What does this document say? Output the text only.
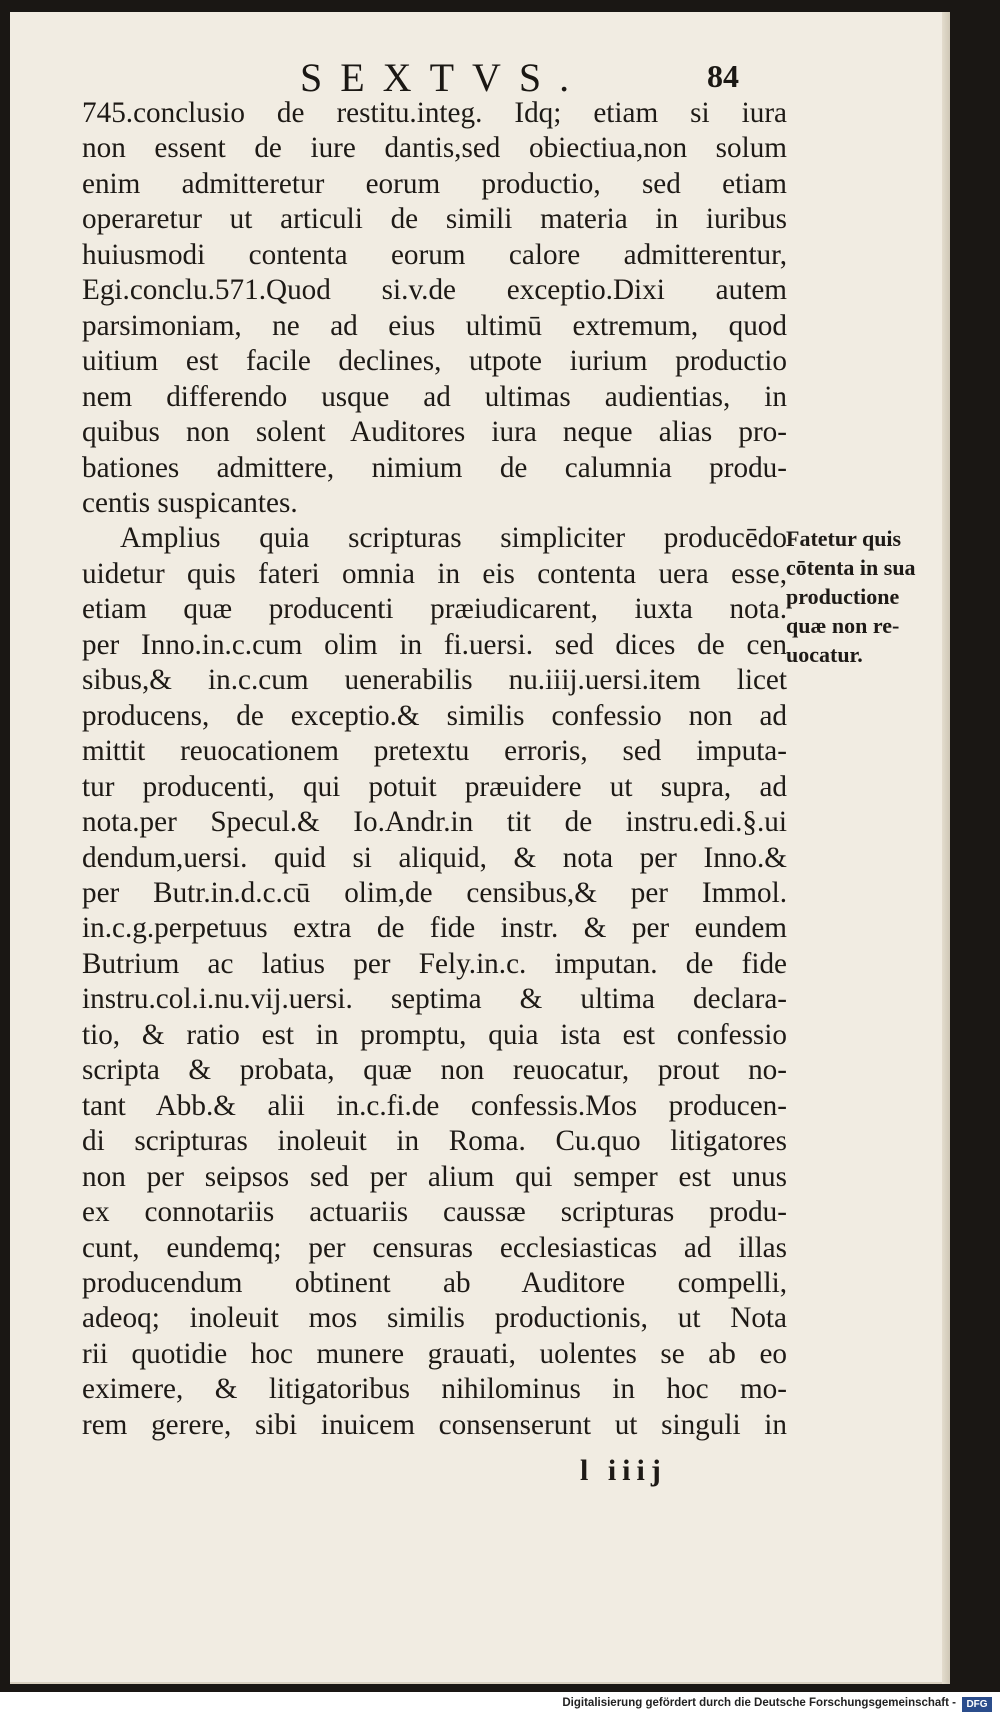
SEXTVS.	84

745.conclusio de restitu.integ. Idq; etiam si iura
non essent de iure dantis,sed obiectiua,non solum
enim admitteretur eorum productio, sed etiam
operaretur ut articuli de simili materia in iuribus
huiusmodi contenta eorum calore admitterentur,
Egi.conclu.571.Quod si.v.de exceptio.Dixi autem
parsimoniam, ne ad eius ultimū extremum, quod
uitium est facile declines, utpote iurium productio
nem differendo usque ad ultimas audientias, in
quibus non solent Auditores iura neque alias pro-
bationes admittere, nimium de calumnia produ-
centis suspicantes.

Amplius quia scripturas simpliciter producēdo
uidetur quis fateri omnia in eis contenta uera esse,
etiam quæ producenti præiudicarent, iuxta nota.
per Inno.in.c.cum olim in fi.uersi. sed dices de cen
sibus,& in.c.cum uenerabilis nu.iiij.uersi.item licet
producens, de exceptio.& similis confessio non ad
mittit reuocationem pretextu erroris, sed imputa-
tur producenti, qui potuit præuidere ut supra, ad
nota.per Specul.& Io.Andr.in tit de instru.edi.§.ui
dendum,uersi. quid si aliquid, & nota per Inno.&
per Butr.in.d.c.cū olim,de censibus,& per Immol.
in.c.g.perpetuus extra de fide instr. & per eundem
Butrium ac latius per Fely.in.c. imputan. de fide
instru.col.i.nu.vij.uersi. septima & ultima declara-
tio, & ratio est in promptu, quia ista est confessio
scripta & probata, quæ non reuocatur, prout no-
tant Abb.& alii in.c.fi.de confessis.Mos producen-
di scripturas inoleuit in Roma. Cu.quo litigatores
non per seipsos sed per alium qui semper est unus
ex connotariis actuariis caussæ scripturas produ-
cunt, eundemq; per censuras ecclesiasticas ad illas
producendum obtinent ab Auditore compelli,
adeoq; inoleuit mos similis productionis, ut Nota
rii quotidie hoc munere grauati, uolentes se ab eo
eximere, & litigatoribus nihilominus in hoc mo-
rem gerere, sibi inuicem consenserunt ut singuli in

Fatetur quis
cōtenta in sua
productione
quæ non re-
uocatur.
l iiij
Digitalisierung gefördert durch die Deutsche Forschungsgemeinschaft -	DFG
